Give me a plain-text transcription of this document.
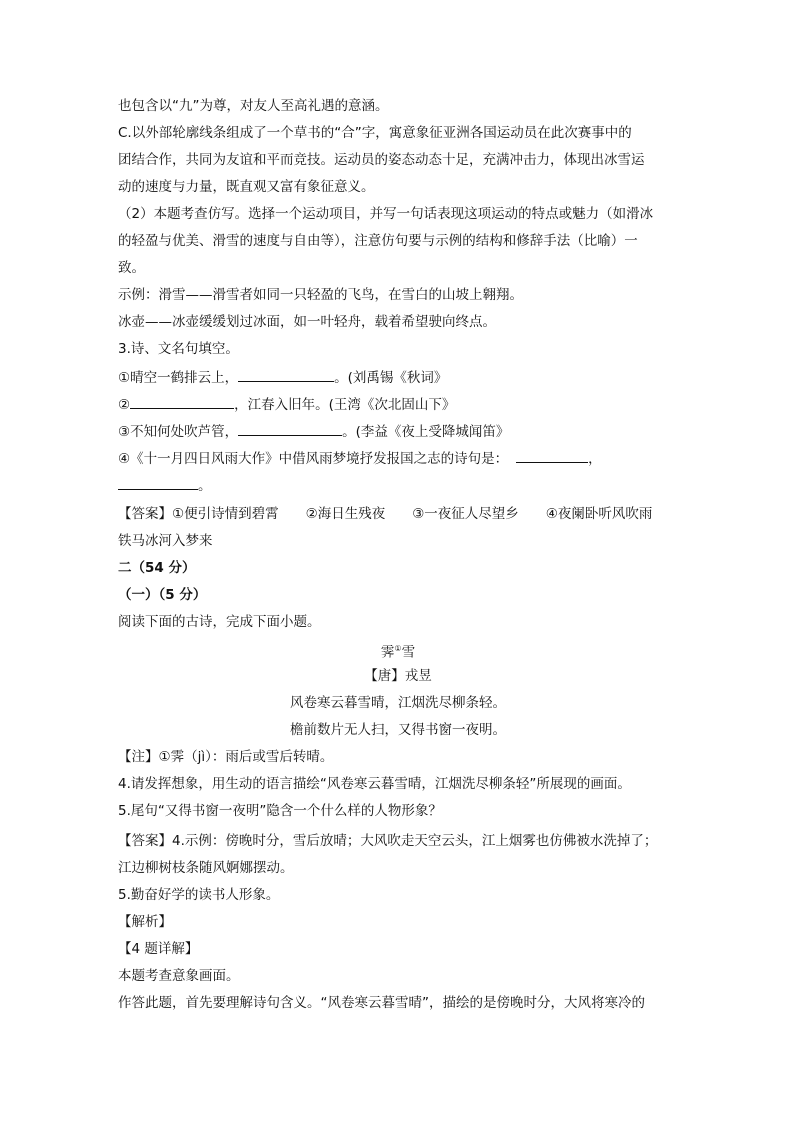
也包含以“九”为尊，对友人至高礼遇的意涵。
C.以外部轮廓线条组成了一个草书的“合”字，寓意象征亚洲各国运动员在此次赛事中的
团结合作，共同为友谊和平而竞技。运动员的姿态动态十足，充满冲击力，体现出冰雪运
动的速度与力量，既直观又富有象征意义。
（2）本题考查仿写。选择一个运动项目，并写一句话表现这项运动的特点或魅力（如滑冰
的轻盈与优美、滑雪的速度与自由等），注意仿句要与示例的结构和修辞手法（比喻）一
致。
示例：滑雪——滑雪者如同一只轻盈的飞鸟，在雪白的山坡上翱翔。
冰壶——冰壶缓缓划过冰面，如一叶轻舟，载着希望驶向终点。
3.诗、文名句填空。
①晴空一鹤排云上，	。(刘禹锡《秋词》
②	，江春入旧年。(王湾《次北固山下》
③不知何处吹芦管，	。(李益《夜上受降城闻笛》
④《十一月四日风雨大作》中借风雨梦境抒发报国之志的诗句是：	，
。
【答案】①便引诗情到碧霄　　②海日生残夜　　③一夜征人尽望乡　　④夜阑卧听风吹雨
铁马冰河入梦来
二（54 分）
（一）（5 分）
阅读下面的古诗，完成下面小题。
霁①雪
【唐】戎昱
风卷寒云暮雪晴，江烟洗尽柳条轻。
檐前数片无人扫，又得书窗一夜明。
【注】①霁（jì）：雨后或雪后转晴。
4.请发挥想象，用生动的语言描绘“风卷寒云暮雪晴，江烟洗尽柳条轻”所展现的画面。
5.尾句“又得书窗一夜明”隐含一个什么样的人物形象？
【答案】4.示例：傍晚时分，雪后放晴；大风吹走天空云头，江上烟雾也仿佛被水洗掉了；
江边柳树枝条随风婀娜摆动。
5.勤奋好学的读书人形象。
【解析】
【4 题详解】
本题考查意象画面。
作答此题，首先要理解诗句含义。“风卷寒云暮雪晴”，描绘的是傍晚时分，大风将寒冷的
